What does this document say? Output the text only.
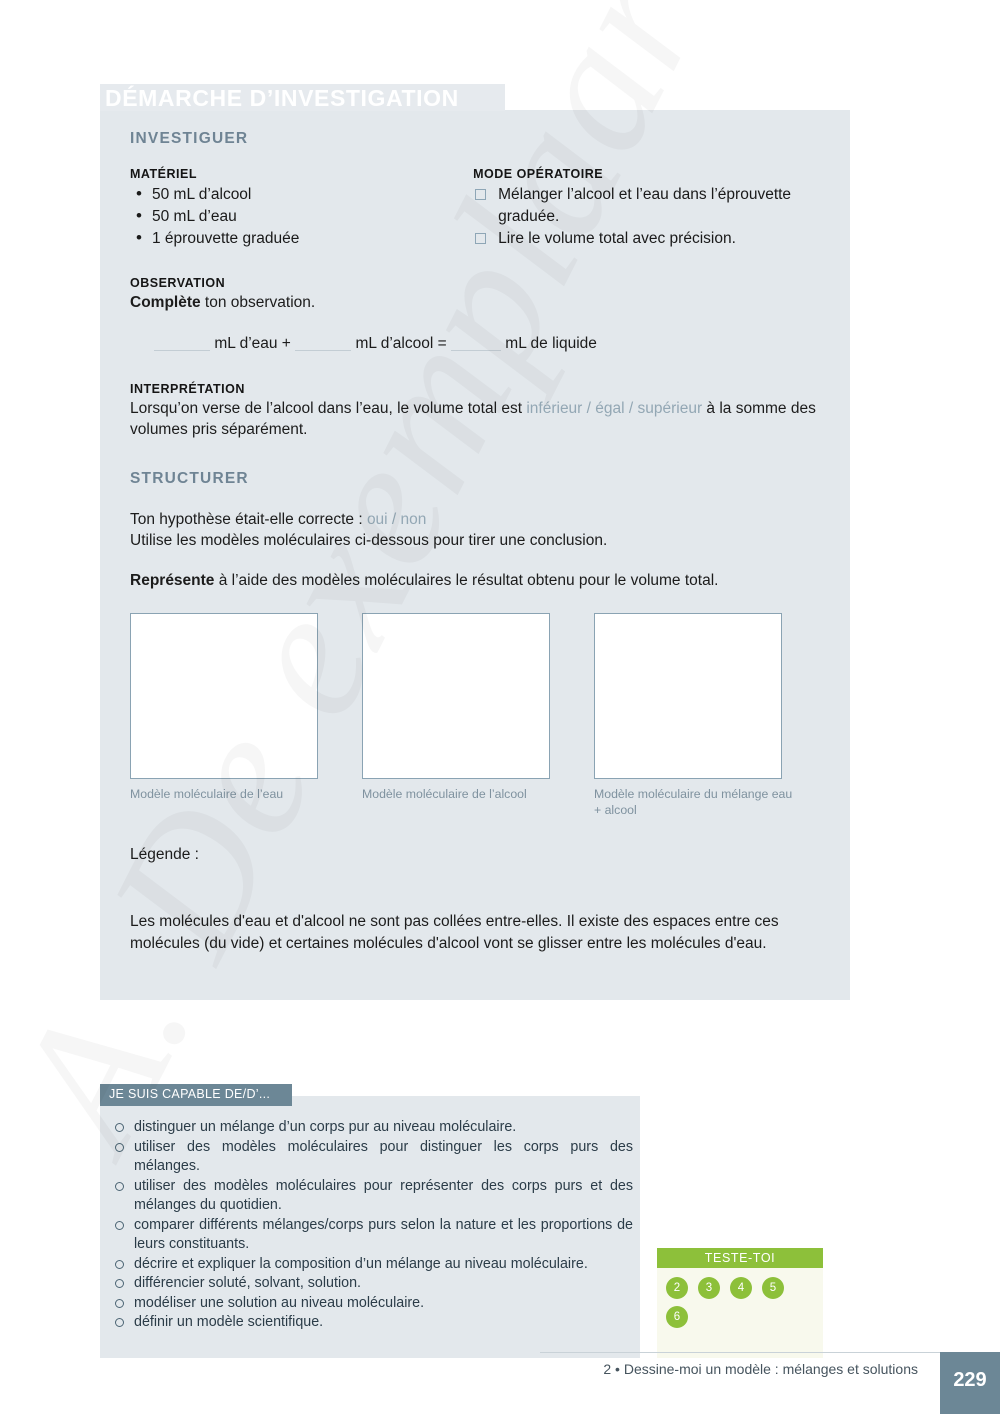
DÉMARCHE D’INVESTIGATION
INVESTIGUER
MATÉRIEL
• 50 mL d’alcool
• 50 mL d’eau
• 1 éprouvette graduée
MODE OPÉRATOIRE
Mélanger l’alcool et l’eau dans l’éprouvette graduée.
Lire le volume total avec précision.
OBSERVATION
Complète ton observation.
mL d’eau +	mL d’alcool =	mL de liquide
INTERPRÉTATION
Lorsqu’on verse de l’alcool dans l’eau, le volume total est inférieur / égal / supérieur à la somme des volumes pris séparément.
STRUCTURER
Ton hypothèse était-elle correcte : oui / non
Utilise les modèles moléculaires ci-dessous pour tirer une conclusion.
Représente à l’aide des modèles moléculaires le résultat obtenu pour le volume total.
Modèle moléculaire de l’eau	Modèle moléculaire de l’alcool	Modèle moléculaire du mélange eau + alcool
Légende :
Les molécules d'eau et d'alcool ne sont pas collées entre-elles. Il existe des espaces entre ces molécules (du vide) et certaines molécules d'alcool vont se glisser entre les molécules d'eau.
JE SUIS CAPABLE DE/D’...
distinguer un mélange d’un corps pur au niveau moléculaire.
utiliser des modèles moléculaires pour distinguer les corps purs des mélanges.
utiliser des modèles moléculaires pour représenter des corps purs et des mélanges du quotidien.
comparer différents mélanges/corps purs selon la nature et les proportions de leurs constituants.
décrire et expliquer la composition d’un mélange au niveau moléculaire.
différencier soluté, solvant, solution.
modéliser une solution au niveau moléculaire.
définir un modèle scientifique.
TESTE-TOI
2 3 4 5
6
2 • Dessine-moi un modèle : mélanges et solutions	229
